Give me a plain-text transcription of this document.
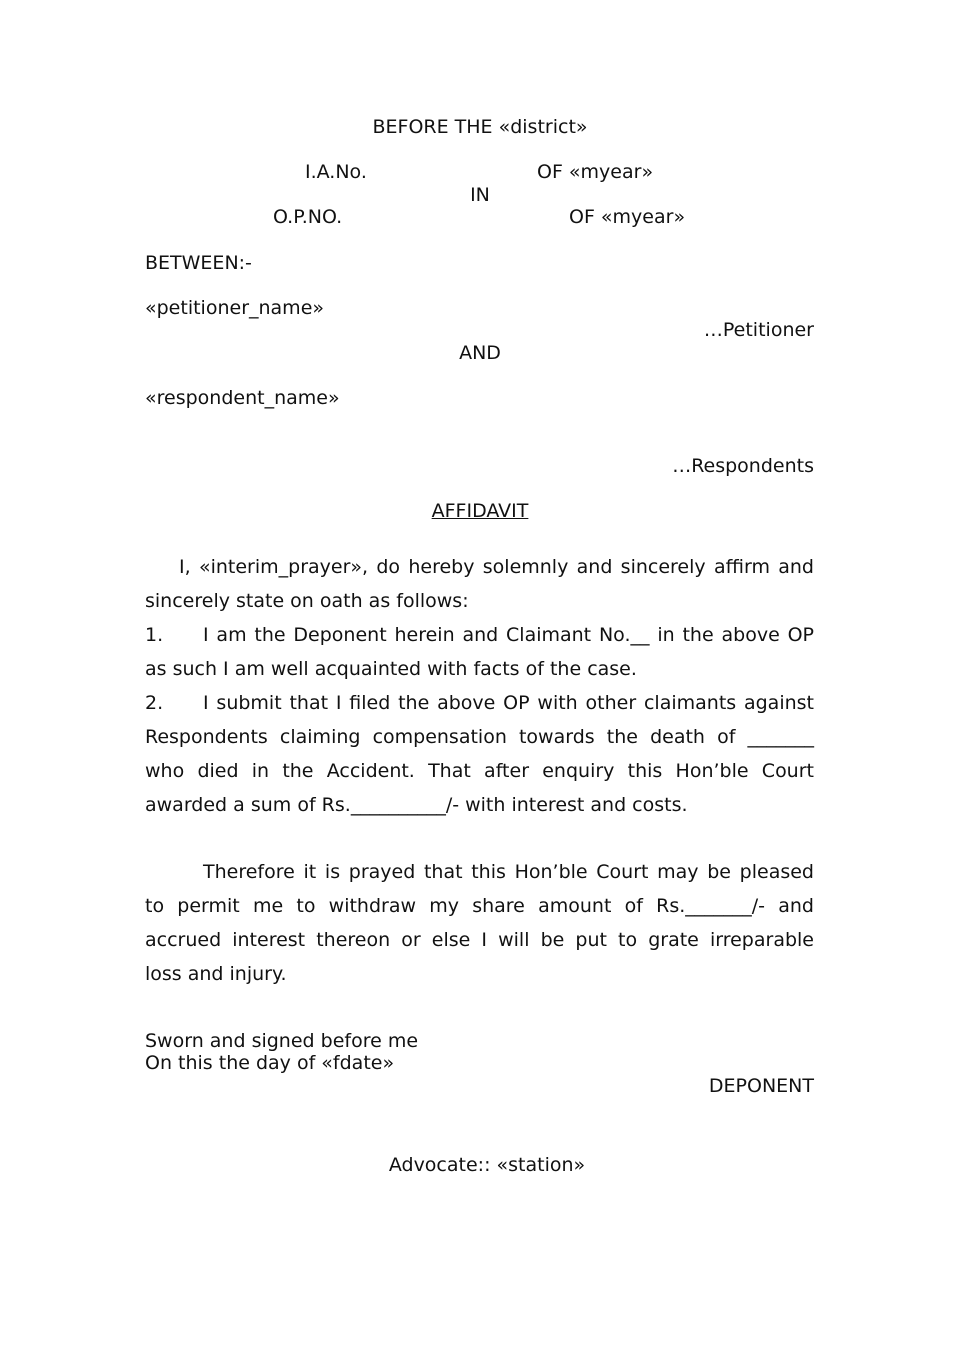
BEFORE THE «district»
I.A.No.	OF «myear»
IN
O.P.NO.	OF «myear»
BETWEEN:-
«petitioner_name»
…Petitioner
AND
«respondent_name»
…Respondents
AFFIDAVIT
I, «interim_prayer», do hereby solemnly and sincerely affirm and
sincerely state on oath as follows:
1.	I am the Deponent herein and Claimant No.__ in the above OP
as such I am well acquainted with facts of the case.
2.	I submit that I filed the above OP with other claimants against
Respondents claiming compensation towards the death of _______
who died in the Accident. That after enquiry this Hon’ble Court
awarded a sum of Rs.__________/- with interest and costs.
Therefore it is prayed that this Hon’ble Court may be pleased
to permit me to withdraw my share amount of Rs._______/- and
accrued interest thereon or else I will be put to grate irreparable
loss and injury.
Sworn and signed before me
On this the day of «fdate»
DEPONENT
Advocate:: «station»
